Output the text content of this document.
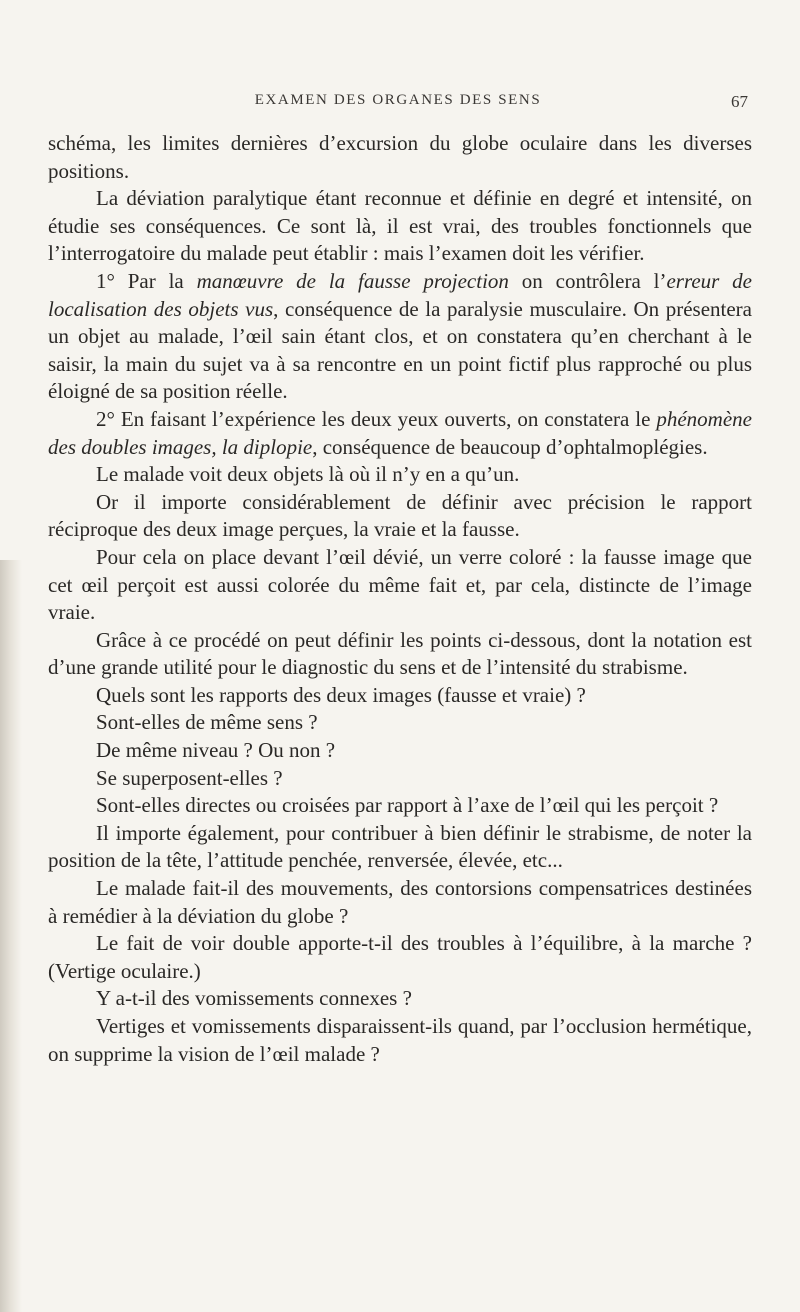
EXAMEN DES ORGANES DES SENS	67

schéma, les limites dernières d’excursion du globe oculaire dans les diverses positions.

La déviation paralytique étant reconnue et définie en degré et intensité, on étudie ses conséquences. Ce sont là, il est vrai, des troubles fonctionnels que l’interrogatoire du malade peut établir : mais l’examen doit les vérifier.

1° Par la manœuvre de la fausse projection on contrôlera l’erreur de localisation des objets vus, conséquence de la paralysie musculaire. On présentera un objet au malade, l’œil sain étant clos, et on constatera qu’en cherchant à le saisir, la main du sujet va à sa rencontre en un point fictif plus rapproché ou plus éloigné de sa position réelle.

2° En faisant l’expérience les deux yeux ouverts, on constatera le phénomène des doubles images, la diplopie, conséquence de beaucoup d’ophtalmoplégies.

Le malade voit deux objets là où il n’y en a qu’un.

Or il importe considérablement de définir avec précision le rapport réciproque des deux image perçues, la vraie et la fausse.

Pour cela on place devant l’œil dévié, un verre coloré : la fausse image que cet œil perçoit est aussi colorée du même fait et, par cela, distincte de l’image vraie.

Grâce à ce procédé on peut définir les points ci-dessous, dont la notation est d’une grande utilité pour le diagnostic du sens et de l’intensité du strabisme.

Quels sont les rapports des deux images (fausse et vraie) ?

Sont-elles de même sens ?

De même niveau ? Ou non ?

Se superposent-elles ?

Sont-elles directes ou croisées par rapport à l’axe de l’œil qui les perçoit ?

Il importe également, pour contribuer à bien définir le strabisme, de noter la position de la tête, l’attitude penchée, renversée, élevée, etc...

Le malade fait-il des mouvements, des contorsions compensatrices destinées à remédier à la déviation du globe ?

Le fait de voir double apporte-t-il des troubles à l’équilibre, à la marche ? (Vertige oculaire.)

Y a-t-il des vomissements connexes ?

Vertiges et vomissements disparaissent-ils quand, par l’occlusion hermétique, on supprime la vision de l’œil malade ?
